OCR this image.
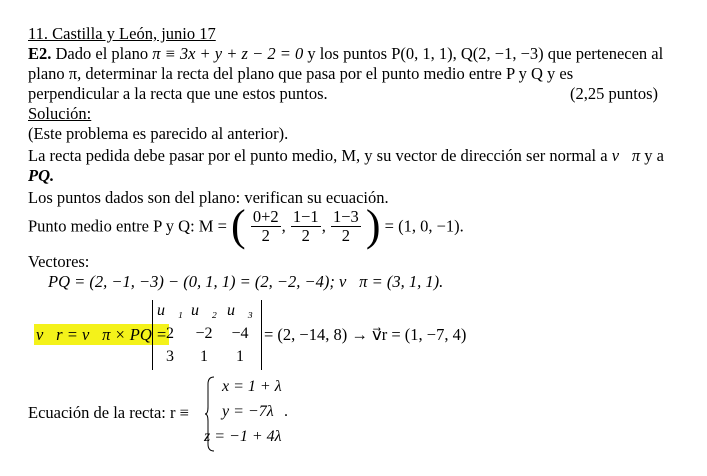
11. Castilla y León, junio 17
E2. Dado el plano π ≡ 3x + y + z − 2 = 0 y los puntos P(0, 1, 1), Q(2, −1, −3) que pertenecen al
plano π, determinar la recta del plano que pasa por el punto medio entre P y Q y es
perpendicular a la recta que une estos puntos.	(2,25 puntos)
Solución:
(Este problema es parecido al anterior).
La recta pedida debe pasar por el punto medio, M, y su vector de dirección ser normal a v⃗π y a
PQ.
Los puntos dados son del plano: verifican su ecuación.
Punto medio entre P y Q: M = ( $\frac{0+2}{2}$ , $\frac{1-1}{2}$ , $\frac{1-3}{2}$ ) = (1, 0, −1).
Vectores:
PQ = (2, −1, −3) − (0, 1, 1) = (2, −2, −4); v⃗π = (3, 1, 1).
v⃗r = v⃗π × PQ =
u⃗₁ u⃗₂ u⃗₃
2	−2	−4
3	1	1
= (2, −14, 8) → v⃗r = (1, −7, 4)
Ecuación de la recta: r ≡
x = 1 + λ
y = −7λ
z = −1 + 4λ
.
